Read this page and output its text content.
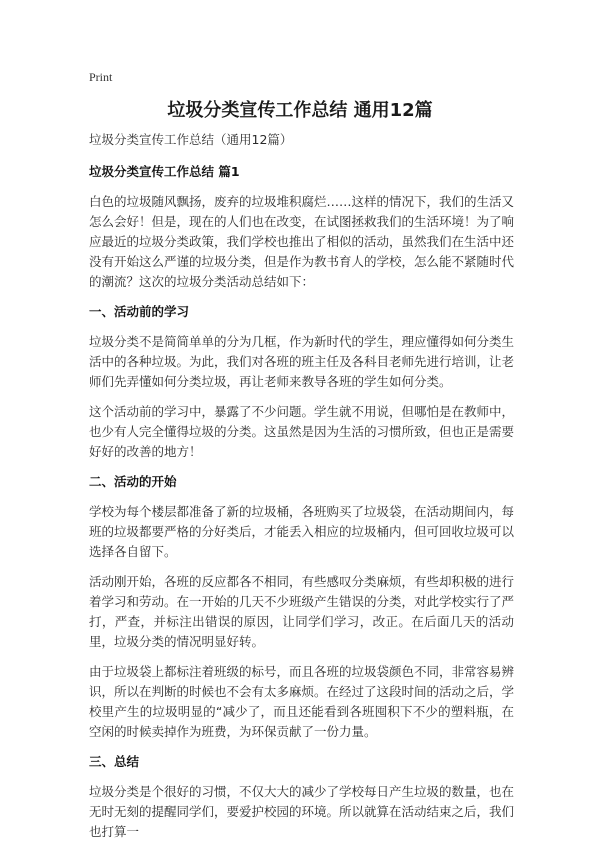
Print
垃圾分类宣传工作总结 通用12篇

垃圾分类宣传工作总结（通用12篇）

垃圾分类宣传工作总结 篇1

白色的垃圾随风飘扬，废弃的垃圾堆积腐烂……这样的情况下，我们的生活又怎么会好！但是，现在的人们也在改变，在试图拯救我们的生活环境！为了响应最近的垃圾分类政策，我们学校也推出了相似的活动，虽然我们在生活中还没有开始这么严谨的垃圾分类，但是作为教书育人的学校，怎么能不紧随时代的潮流？这次的垃圾分类活动总结如下：

一、活动前的学习

垃圾分类不是简简单单的分为几框，作为新时代的学生，理应懂得如何分类生活中的各种垃圾。为此，我们对各班的班主任及各科目老师先进行培训，让老师们先弄懂如何分类垃圾，再让老师来教导各班的学生如何分类。

这个活动前的学习中，暴露了不少问题。学生就不用说，但哪怕是在教师中，也少有人完全懂得垃圾的分类。这虽然是因为生活的习惯所致，但也正是需要好好的改善的地方！

二、活动的开始

学校为每个楼层都准备了新的垃圾桶，各班购买了垃圾袋，在活动期间内，每班的垃圾都要严格的分好类后，才能丢入相应的垃圾桶内，但可回收垃圾可以选择各自留下。

活动刚开始，各班的反应都各不相同，有些感叹分类麻烦，有些却积极的进行着学习和劳动。在一开始的几天不少班级产生错误的分类，对此学校实行了严打，严查，并标注出错误的原因，让同学们学习，改正。在后面几天的活动里，垃圾分类的情况明显好转。

由于垃圾袋上都标注着班级的标号，而且各班的垃圾袋颜色不同，非常容易辨识，所以在判断的时候也不会有太多麻烦。在经过了这段时间的活动之后，学校里产生的垃圾明显的“减少了，而且还能看到各班囤积下不少的塑料瓶，在空闲的时候卖掉作为班费，为环保贡献了一份力量。

三、总结

垃圾分类是个很好的习惯，不仅大大的减少了学校每日产生垃圾的数量，也在无时无刻的提醒同学们，要爱护校园的环境。所以就算在活动结束之后，我们也打算一
